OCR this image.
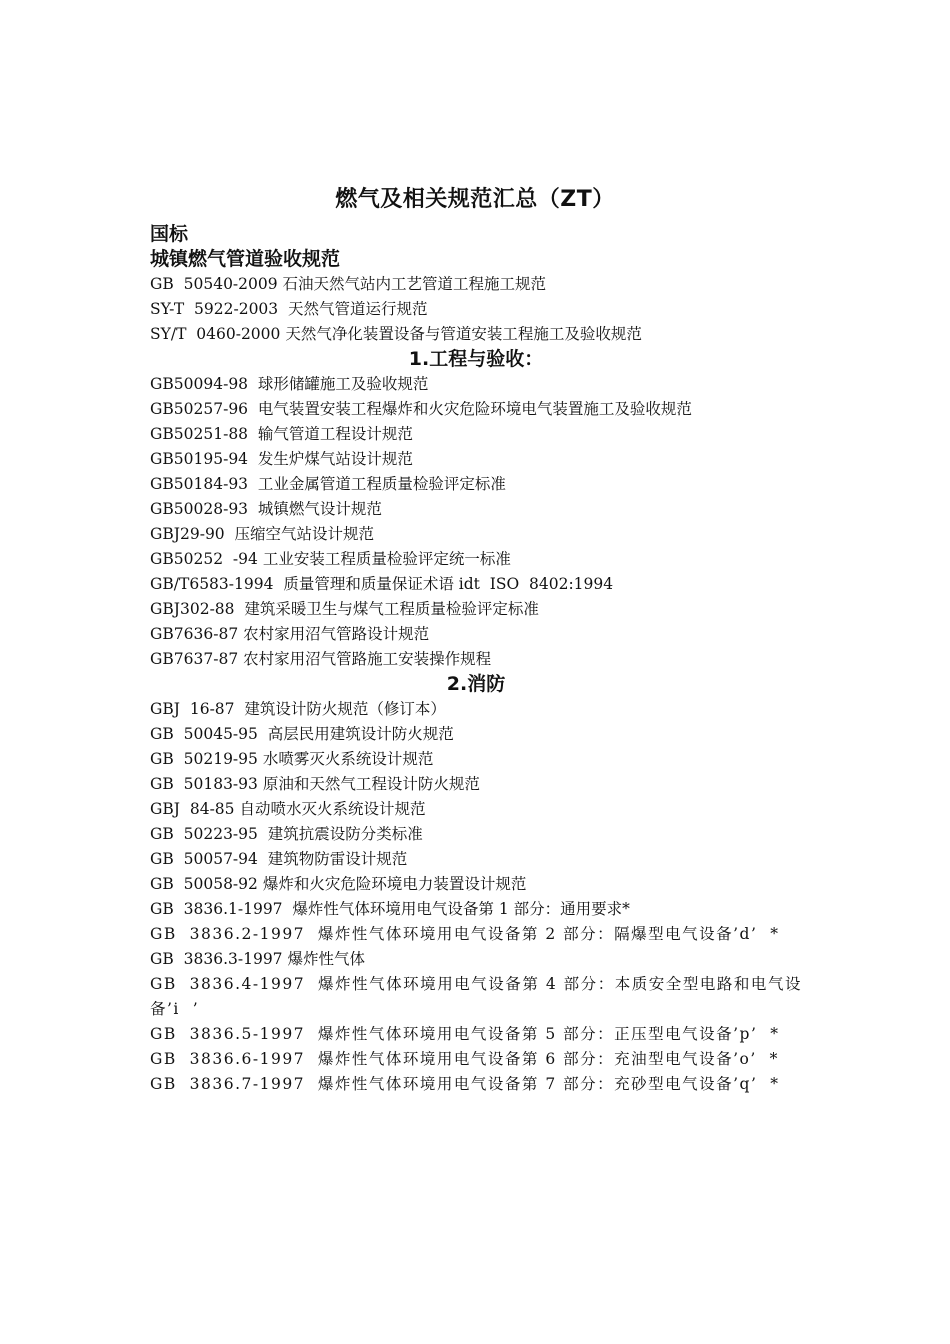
燃气及相关规范汇总（ZT）
国标
城镇燃气管道验收规范
GB  50540-2009 石油天然气站内工艺管道工程施工规范
SY-T  5922-2003  天然气管道运行规范
SY/T  0460-2000 天然气净化装置设备与管道安装工程施工及验收规范
1.工程与验收：
GB50094-98  球形储罐施工及验收规范
GB50257-96  电气装置安装工程爆炸和火灾危险环境电气装置施工及验收规范
GB50251-88  输气管道工程设计规范
GB50195-94  发生炉煤气站设计规范
GB50184-93  工业金属管道工程质量检验评定标准
GB50028-93  城镇燃气设计规范
GBJ29-90  压缩空气站设计规范
GB50252  -94 工业安装工程质量检验评定统一标准
GB/T6583-1994  质量管理和质量保证术语 idt  ISO  8402:1994
GBJ302-88  建筑采暖卫生与煤气工程质量检验评定标准
GB7636-87 农村家用沼气管路设计规范
GB7637-87 农村家用沼气管路施工安装操作规程
2.消防
GBJ  16-87  建筑设计防火规范（修订本）
GB  50045-95  高层民用建筑设计防火规范
GB  50219-95 水喷雾灭火系统设计规范
GB  50183-93 原油和天然气工程设计防火规范
GBJ  84-85 自动喷水灭火系统设计规范
GB  50223-95  建筑抗震设防分类标准
GB  50057-94  建筑物防雷设计规范
GB  50058-92 爆炸和火灾危险环境电力装置设计规范
GB  3836.1-1997  爆炸性气体环境用电气设备第 1 部分：通用要求*
GB  3836.2-1997  爆炸性气体环境用电气设备第 2 部分：隔爆型电气设备’d’  *
GB  3836.3-1997 爆炸性气体
GB  3836.4-1997  爆炸性气体环境用电气设备第 4 部分：本质安全型电路和电气设备’i  ’
GB  3836.5-1997  爆炸性气体环境用电气设备第 5 部分：正压型电气设备’p’  *
GB  3836.6-1997  爆炸性气体环境用电气设备第 6 部分：充油型电气设备’o’  *
GB  3836.7-1997  爆炸性气体环境用电气设备第 7 部分：充砂型电气设备’q’  *
